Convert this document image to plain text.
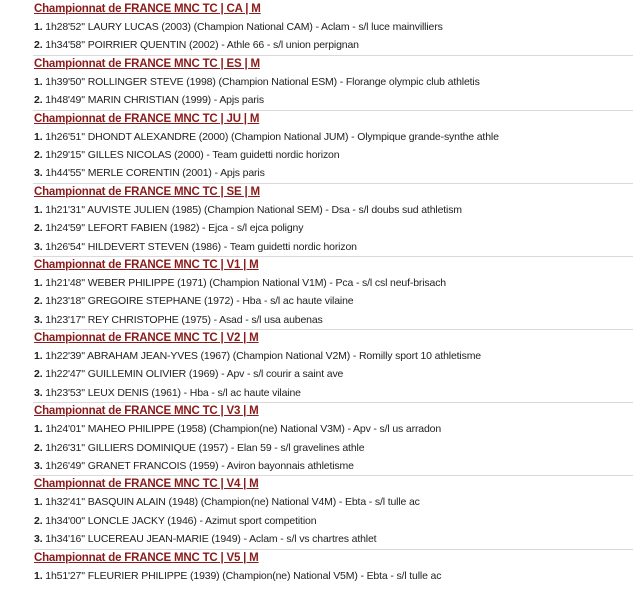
Championnat de FRANCE MNC TC | CA | M
1. 1h28'52'' LAURY LUCAS (2003) (Champion National CAM) - Aclam - s/l luce mainvilliers
2. 1h34'58'' POIRRIER QUENTIN (2002) - Athle 66 - s/l union perpignan
Championnat de FRANCE MNC TC | ES | M
1. 1h39'50'' ROLLINGER STEVE (1998) (Champion National ESM) - Florange olympic club athletis
2. 1h48'49'' MARIN CHRISTIAN (1999) - Apjs paris
Championnat de FRANCE MNC TC | JU | M
1. 1h26'51'' DHONDT ALEXANDRE (2000) (Champion National JUM) - Olympique grande-synthe athle
2. 1h29'15'' GILLES NICOLAS (2000) - Team guidetti nordic horizon
3. 1h44'55'' MERLE CORENTIN (2001) - Apjs paris
Championnat de FRANCE MNC TC | SE | M
1. 1h21'31'' AUVISTE JULIEN (1985) (Champion National SEM) - Dsa - s/l doubs sud athletism
2. 1h24'59'' LEFORT FABIEN (1982) - Ejca - s/l ejca poligny
3. 1h26'54'' HILDEVERT STEVEN (1986) - Team guidetti nordic horizon
Championnat de FRANCE MNC TC | V1 | M
1. 1h21'48'' WEBER PHILIPPE (1971) (Champion National V1M) - Pca - s/l csl neuf-brisach
2. 1h23'18'' GREGOIRE STEPHANE (1972) - Hba - s/l ac haute vilaine
3. 1h23'17'' REY CHRISTOPHE (1975) - Asad - s/l usa aubenas
Championnat de FRANCE MNC TC | V2 | M
1. 1h22'39'' ABRAHAM JEAN-YVES (1967) (Champion National V2M) - Romilly sport 10 athletisme
2. 1h22'47'' GUILLEMIN OLIVIER (1969) - Apv - s/l courir a saint ave
3. 1h23'53'' LEUX DENIS (1961) - Hba - s/l ac haute vilaine
Championnat de FRANCE MNC TC | V3 | M
1. 1h24'01'' MAHEO PHILIPPE (1958) (Champion(ne) National V3M) - Apv - s/l us arradon
2. 1h26'31'' GILLIERS DOMINIQUE (1957) - Elan 59 - s/l gravelines athle
3. 1h26'49'' GRANET FRANCOIS (1959) - Aviron bayonnais athletisme
Championnat de FRANCE MNC TC | V4 | M
1. 1h32'41'' BASQUIN ALAIN (1948) (Champion(ne) National V4M) - Ebta - s/l tulle ac
2. 1h34'00'' LONCLE JACKY (1946) - Azimut sport competition
3. 1h34'16'' LUCEREAU JEAN-MARIE (1949) - Aclam - s/l vs chartres athlet
Championnat de FRANCE MNC TC | V5 | M
1. 1h51'27'' FLEURIER PHILIPPE (1939) (Champion(ne) National V5M) - Ebta - s/l tulle ac
